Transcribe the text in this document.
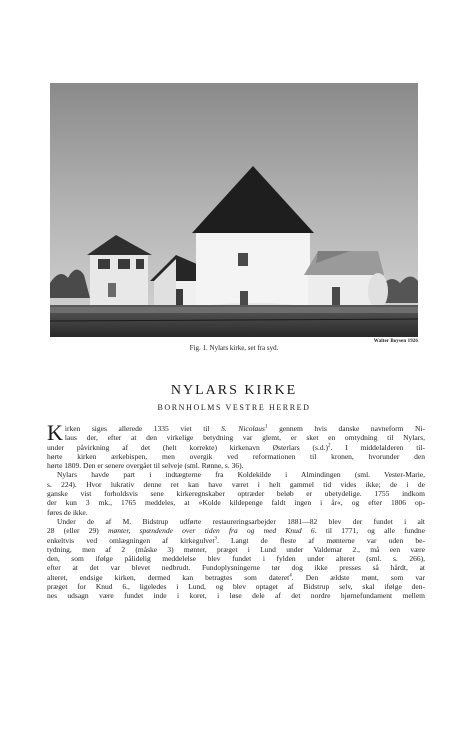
Walter Boysen 1926
Fig. 1. Nylars kirke, set fra syd.
NYLARS KIRKE
BORNHOLMS VESTRE HERRED
K irken siges allerede 1335 viet til S. Nicolaus$^1$ gennem hvis danske navneform Ni-
laus der, efter at den virkelige betydning var glemt, er sket en omtydning til Nylars,
under påvirkning af det (helt korrekte) kirkenavn Østerlars $(s.d.)^2$. I middelalderen til-
hørte kirken ærkebispen, men overgik ved reformationen til kronen, hvorunder den
hørte 1809. Den er senere overgået til selveje (sml. Rønne, s. 36).
Nylars havde part i indtægterne fra Koldekilde i Almindingen (sml. Vester-Marie,
s. 224). Hvor lukrativ denne ret kan have været i helt gammel tid vides ikke; de i de
ganske vist forholdsvis sene kirkeregnskaber optræder beløb er ubetydelige. 1755 indkom
der kun 3 mk., 1765 meddeles, at »Kolde kildepenge faldt ingen i år«, og efter 1806 op-
føres de ikke.
Under de af M. Bidstrup udførte restaureringsarbejder 1881—82 blev der fundet i alt
28 (eller 29) mønter, spændende over tiden fra og med Knud 6. til 1771, og alle fundne
enkeltvis ved omlægningen af kirkegulvet$^3$. Langt de fleste af mønterne var uden be-
tydning, men af 2 (måske 3) mønter, præget i Lund under Valdemar 2., må een være
den, som ifølge pålidelig meddelelse blev fundet i fylden under alteret (sml. s. 266),
efter at det var blevet nedbrudt. Fundoplysningerne tør dog ikke presses så hårdt, at
alteret, endsige kirken, dermed kan betragtes som dateret$^4$. Den ældste mønt, som var
præget for Knud 6., ligeledes i Lund, og blev optaget af Bidstrup selv, skal ifølge den-
nes udsagn være fundet inde i koret, i løse dele af det nordre hjørnefundament mellem
